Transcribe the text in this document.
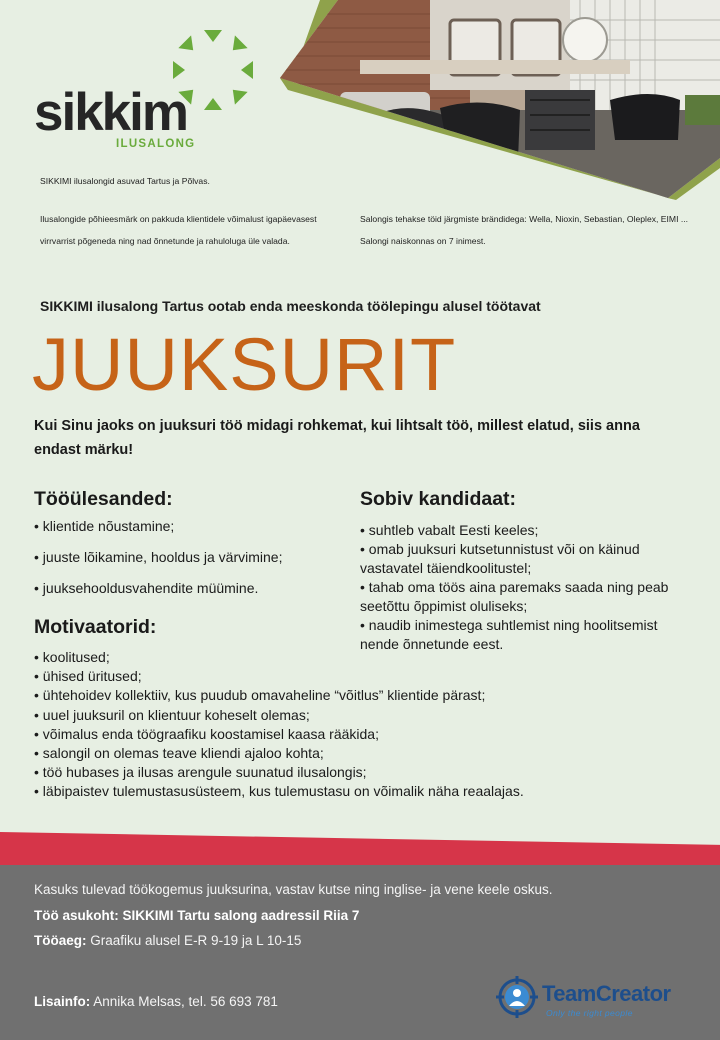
sikkim
ILUSALONG
SIKKIMI ilusalongid asuvad Tartus ja Põlvas.
Ilusalongide põhieesmärk on pakkuda klientidele võimalust igapäevasest virrvarrist põgeneda ning nad õnnetunde ja rahuloluga üle valada.
Salongis tehakse töid järgmiste brändidega: Wella, Nioxin, Sebastian, Oleplex, EIMI ... Salongi naiskonnas on 7 inimest.
SIKKIMI ilusalong Tartus ootab enda meeskonda töölepingu alusel töötavat
JUUKSURIT
Kui Sinu jaoks on juuksuri töö midagi rohkemat, kui lihtsalt töö, millest elatud, siis anna endast märku!
Tööülesanded:
• klientide nõustamine;
• juuste lõikamine, hooldus ja värvimine;
• juuksehooldusvahendite müümine.
Sobiv kandidaat:
• suhtleb vabalt Eesti keeles;
• omab juuksuri kutsetunnistust või on käinud vastavatel täiendkoolitustel;
• tahab oma töös aina paremaks saada ning peab seetõttu õppimist oluliseks;
• naudib inimestega suhtlemist ning hoolitsemist nende õnnetunde eest.
Motivaatorid:
• koolitused;
• ühised üritused;
• ühtehoidev kollektiiv, kus puudub omavaheline “võitlus” klientide pärast;
• uuel juuksuril on klientuur koheselt olemas;
• võimalus enda töögraafiku koostamisel kaasa rääkida;
• salongil on olemas teave kliendi ajaloo kohta;
• töö hubases ja ilusas arengule suunatud ilusalongis;
• läbipaistev tulemustasusüsteem, kus tulemustasu on võimalik näha reaalajas.
Kasuks tulevad töökogemus juuksurina, vastav kutse ning inglise- ja vene keele oskus.
Töö asukoht: SIKKIMI Tartu salong aadressil Riia 7
Tööaeg: Graafiku alusel E-R 9-19 ja L 10-15
Lisainfo: Annika Melsas, tel. 56 693 781	TeamCreator
Only the right people
